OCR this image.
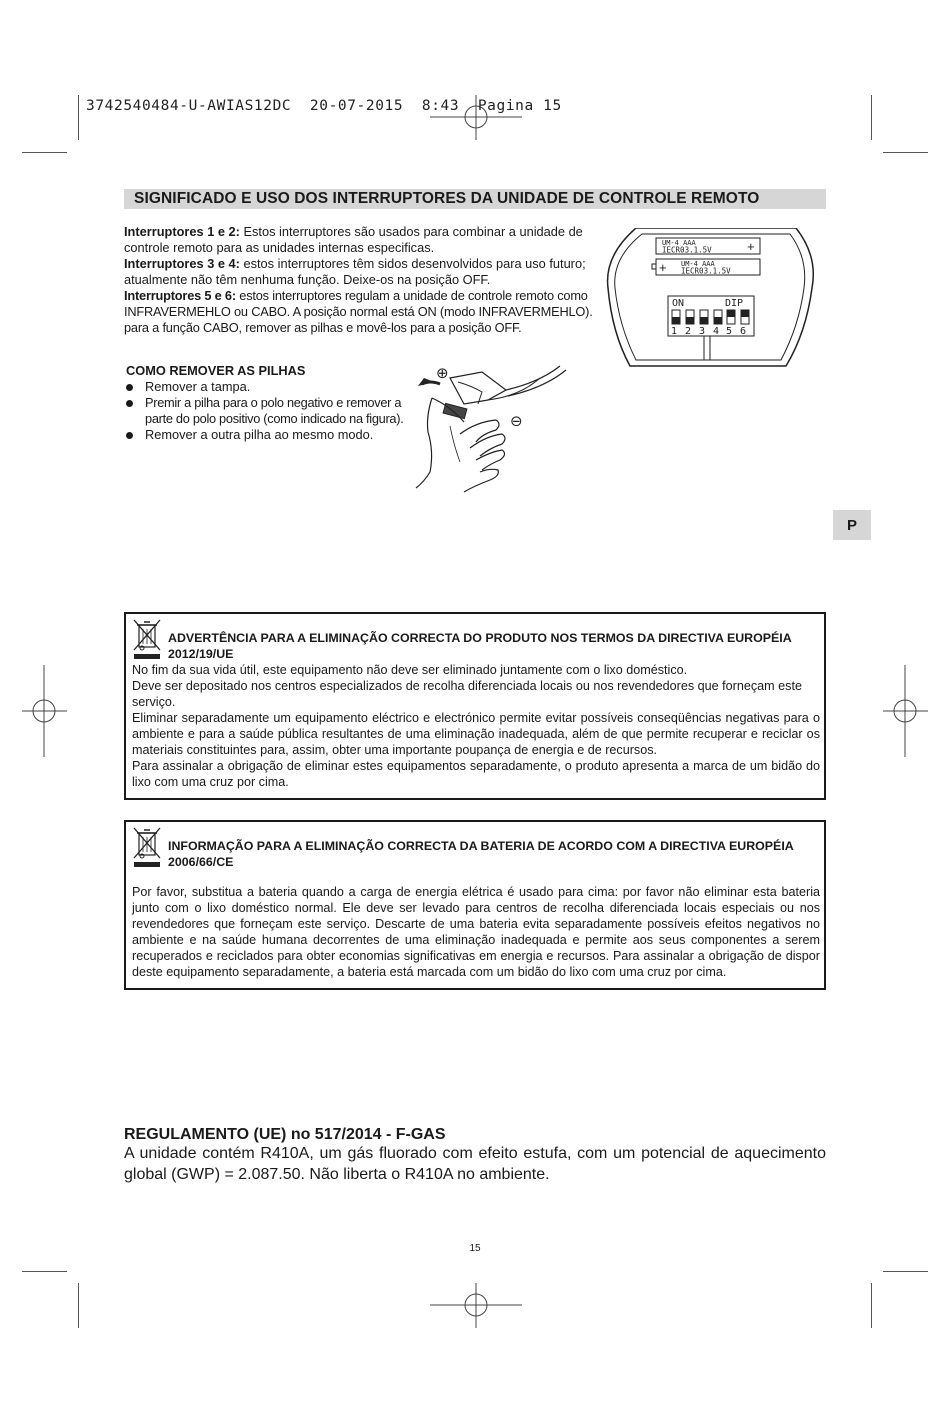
3742540484-U-AWIAS12DC  20-07-2015  8:43  Pagina 15
SIGNIFICADO E USO DOS INTERRUPTORES DA UNIDADE DE CONTROLE REMOTO

Interruptores 1 e 2: Estos interruptores são usados para combinar a unidade de controle remoto para as unidades internas especificas.

Interruptores 3 e 4: estos interruptores têm sidos desenvolvidos para uso futuro; atualmente não têm nenhuma função. Deixe-os na posição OFF.

Interruptores 5 e 6: estos interruptores regulam a unidade de controle remoto como INFRAVERMEHLO ou CABO. A posição normal está ON (modo INFRAVERMEHLO). para a função CABO, remover as pilhas e movê-los para a posição OFF.

UM-4 AAA
IECR03.1.5V	+
+ UM-4 AAA
IECR03.1.5V
ON	DIP
1 2 3 4 5 6
COMO REMOVER AS PILHAS
Remover a tampa.
Premir a pilha para o polo negativo e remover a parte do polo positivo (como indicado na figura).
Remover a outra pilha ao mesmo modo.
⊕
⊖
P
ADVERTÊNCIA PARA A ELIMINAÇÃO CORRECTA DO PRODUTO NOS TERMOS DA DIRECTIVA EUROPÉIA 2012/19/UE

No fim da sua vida útil, este equipamento não deve ser eliminado juntamente com o lixo doméstico.

Deve ser depositado nos centros especializados de recolha diferenciada locais ou nos revendedores que forneçam este serviço.

Eliminar separadamente um equipamento eléctrico e electrónico permite evitar possíveis conseqüências negativas para o ambiente e para a saúde pública resultantes de uma eliminação inadequada, além de que permite recuperar e reciclar os materiais constituintes para, assim, obter uma importante poupança de energia e de recursos.

Para assinalar a obrigação de eliminar estes equipamentos separadamente, o produto apresenta a marca de um bidão do lixo com uma cruz por cima.

INFORMAÇÃO PARA A ELIMINAÇÃO CORRECTA DA BATERIA DE ACORDO COM A DIRECTIVA EUROPÉIA 2006/66/CE

Por favor, substitua a bateria quando a carga de energia elétrica é usado para cima: por favor não eliminar esta bateria junto com o lixo doméstico normal. Ele deve ser levado para centros de recolha diferenciada locais especiais ou nos revendedores que forneçam este serviço. Descarte de uma bateria evita separadamente possíveis efeitos negativos no ambiente e na saúde humana decorrentes de uma eliminação inadequada e permite aos seus componentes a serem recuperados e reciclados para obter economias significativas em energia e recursos. Para assinalar a obrigação de dispor deste equipamento separadamente, a bateria está marcada com um bidão do lixo com uma cruz por cima.

REGULAMENTO (UE) no 517/2014 - F-GAS
A unidade contém R410A, um gás fluorado com efeito estufa, com um potencial de aquecimento global (GWP) = 2.087.50. Não liberta o R410A no ambiente.
15
